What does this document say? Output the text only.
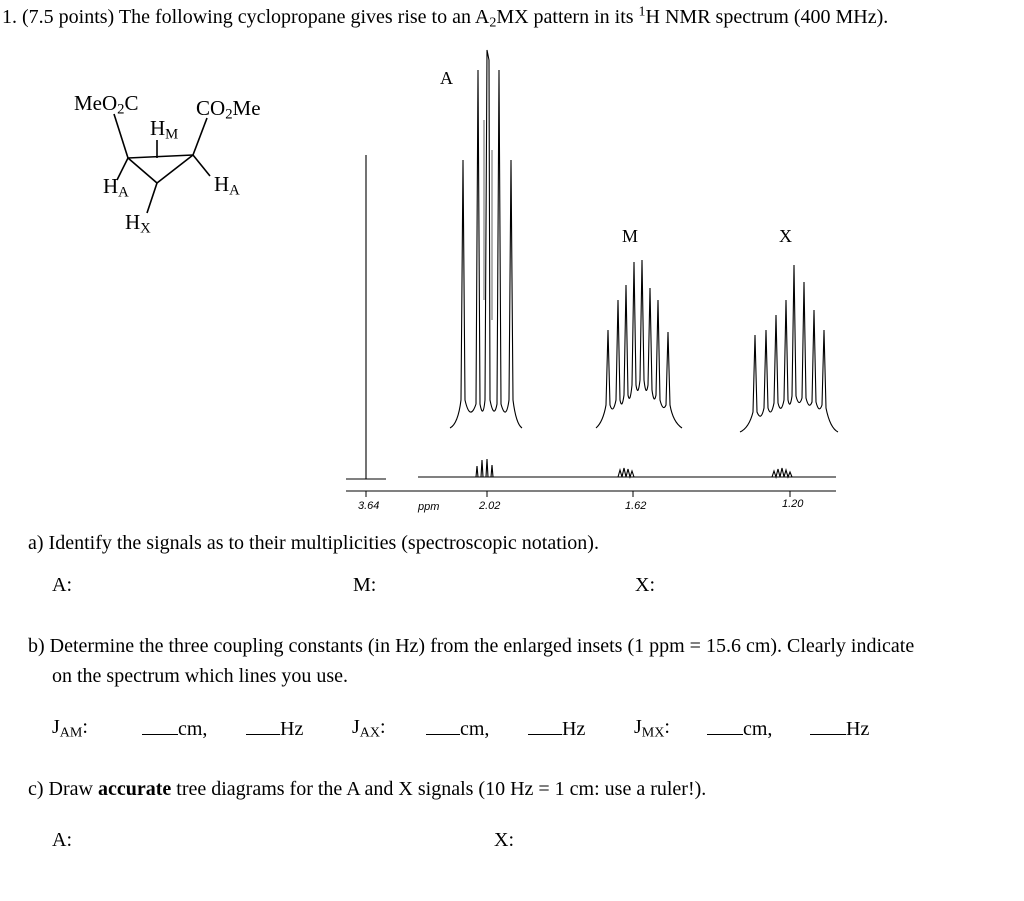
1. (7.5 points) The following cyclopropane gives rise to an $A_2MX$ pattern in its $^1$H NMR spectrum (400 MHz).
MeO$_2$C	$CO_2Me$
$H_M$
$H_A$	$H_A$
$H_X$
A
M	X
3.64	ppm	2.02	1.62	1.20
a) Identify the signals as to their multiplicities (spectroscopic notation).
A:	M:	X:
b) Determine the three coupling constants (in Hz) from the enlarged insets (1 ppm = 15.6 cm). Clearly indicate
on the spectrum which lines you use.
$J_{AM}$:	cm,	Hz $J_{AX}$:	cm,	Hz $J_{MX}$:	cm,	Hz
c) Draw accurate tree diagrams for the A and X signals (10 Hz = 1 cm: use a ruler!).
A:	X:
